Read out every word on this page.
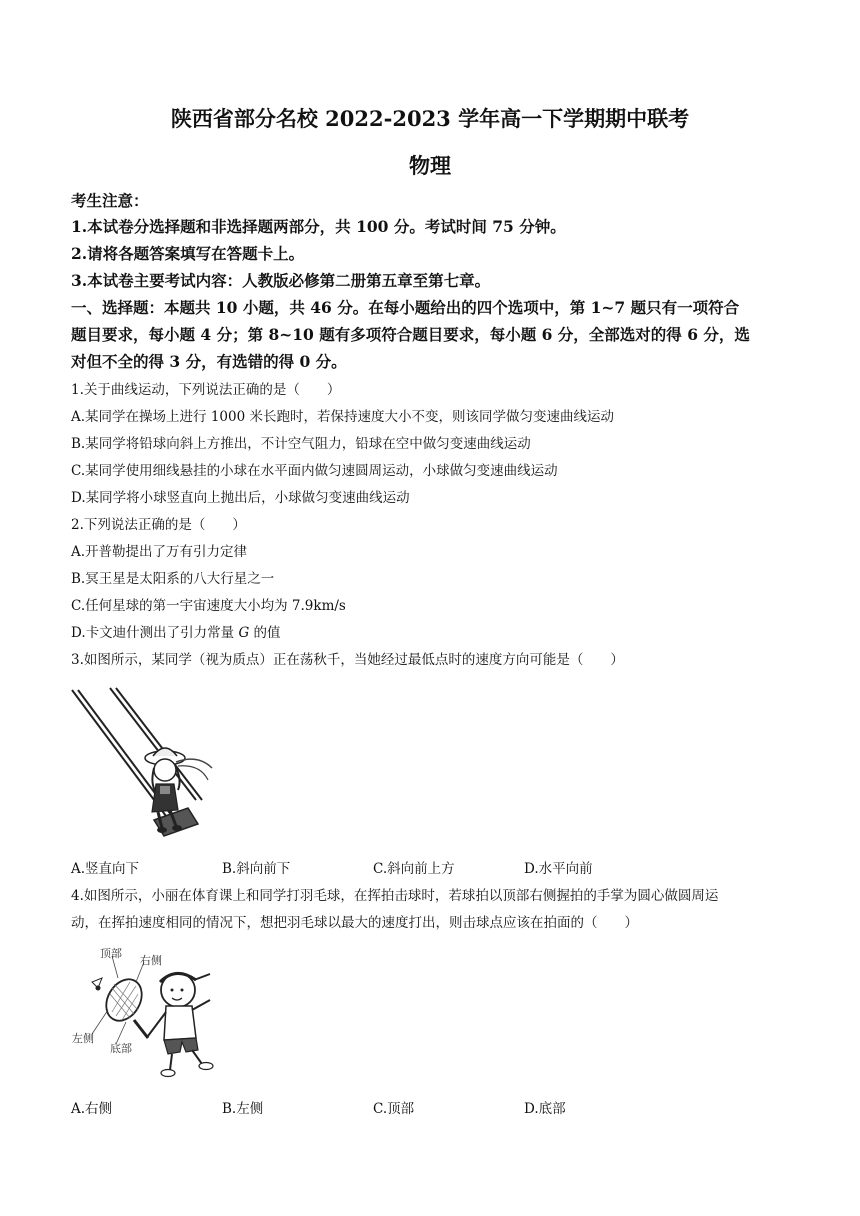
陕西省部分名校 2022-2023 学年高一下学期期中联考
物理
考生注意：
1.本试卷分选择题和非选择题两部分，共 100 分。考试时间 75 分钟。
2.请将各题答案填写在答题卡上。
3.本试卷主要考试内容：人教版必修第二册第五章至第七章。
一、选择题：本题共 10 小题，共 46 分。在每小题给出的四个选项中，第 1~7 题只有一项符合
题目要求，每小题 4 分；第 8~10 题有多项符合题目要求，每小题 6 分，全部选对的得 6 分，选
对但不全的得 3 分，有选错的得 0 分。
1.关于曲线运动，下列说法正确的是（　　）
A.某同学在操场上进行 1000 米长跑时，若保持速度大小不变，则该同学做匀变速曲线运动
B.某同学将铅球向斜上方推出，不计空气阻力，铅球在空中做匀变速曲线运动
C.某同学使用细线悬挂的小球在水平面内做匀速圆周运动，小球做匀变速曲线运动
D.某同学将小球竖直向上抛出后，小球做匀变速曲线运动
2.下列说法正确的是（　　）
A.开普勒提出了万有引力定律
B.冥王星是太阳系的八大行星之一
C.任何星球的第一宇宙速度大小均为 7.9km/s
D.卡文迪什测出了引力常量 G 的值
3.如图所示，某同学（视为质点）正在荡秋千，当她经过最低点时的速度方向可能是（　　）
A.竖直向下	B.斜向前下	C.斜向前上方	D.水平向前
4.如图所示，小丽在体育课上和同学打羽毛球，在挥拍击球时，若球拍以顶部右侧握拍的手掌为圆心做圆周运
动，在挥拍速度相同的情况下，想把羽毛球以最大的速度打出，则击球点应该在拍面的（　　）
顶部
右侧
左侧
底部
A.右侧	B.左侧	C.顶部	D.底部
